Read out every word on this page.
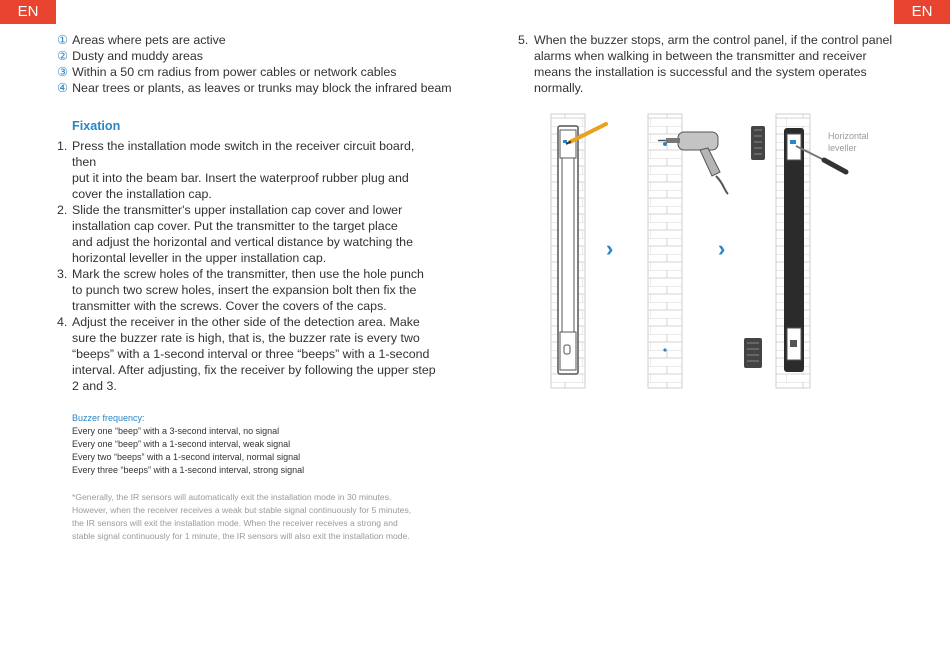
EN	EN
① Areas where pets are active
② Dusty and muddy areas
③ Within a 50 cm radius from power cables or network cables
④ Near trees or plants, as leaves or trunks may block the infrared beam
Fixation
1. Press the installation mode switch in the receiver circuit board, then
put it into the beam bar. Insert the waterproof rubber plug and
cover the installation cap.
2. Slide the transmitter's upper installation cap cover and lower
installation cap cover. Put the transmitter to the target place
and adjust the horizontal and vertical distance by watching the
horizontal leveller in the upper installation cap.
3. Mark the screw holes of the transmitter, then use the hole punch
to punch two screw holes, insert the expansion bolt then fix the
transmitter with the screws. Cover the covers of the caps.
4. Adjust the receiver in the other side of the detection area. Make
sure the buzzer rate is high, that is, the buzzer rate is every two
“beeps” with a 1-second interval or three “beeps” with a 1-second
interval. After adjusting, fix the receiver by following the upper step
2 and 3.
Buzzer frequency:
Every one “beep” with a 3-second interval, no signal
Every one “beep” with a 1-second interval, weak signal
Every two “beeps” with a 1-second interval, normal signal
Every three “beeps” with a 1-second interval, strong signal
*Generally, the IR sensors will automatically exit the installation mode in 30 minutes.
However, when the receiver receives a weak but stable signal continuously for 5 minutes,
the IR sensors will exit the installation mode. When the receiver receives a strong and
stable signal continuously for 1 minute, the IR sensors will also exit the installation mode.
5. When the buzzer stops, arm the control panel, if the control panel
alarms when walking in between the transmitter and receiver
means the installation is successful and the system operates
normally.
›	›
Horizontal
leveller
